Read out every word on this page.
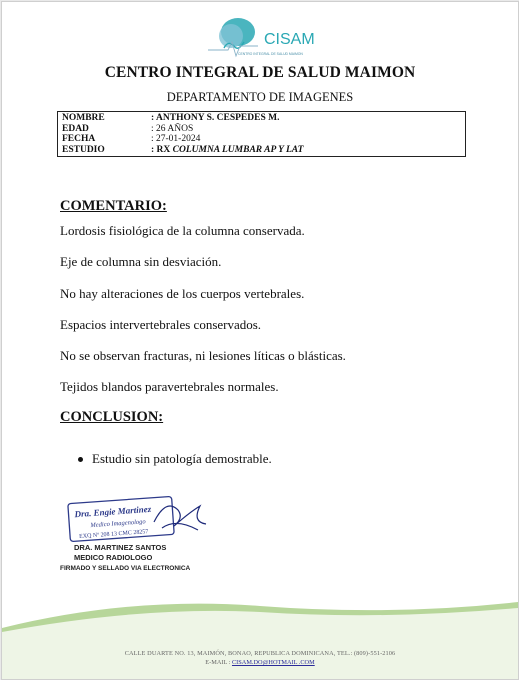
CISAM
CENTRO INTEGRAL DE SALUD MAIMON
CENTRO INTEGRAL DE SALUD MAIMON
DEPARTAMENTO DE IMAGENES
NOMBRE	: ANTHONY S. CESPEDES M.
EDAD	: 26 AÑOS
FECHA	: 27-01-2024
ESTUDIO	: RX COLUMNA LUMBAR AP Y LAT
COMENTARIO:
Lordosis fisiológica de la columna conservada.
Eje de columna sin desviación.
No hay alteraciones de los cuerpos vertebrales.
Espacios intervertebrales conservados.
No se observan fracturas, ni lesiones líticas o blásticas.
Tejidos blandos paravertebrales normales.
CONCLUSION:
Estudio sin patología demostrable.
Dra. Engie Martinez
Medico Imagenologo
EXQ Nº 208 13 CMC 28257
DRA. MARTINEZ SANTOS
MEDICO RADIOLOGO
FIRMADO Y SELLADO VIA ELECTRONICA
CALLE DUARTE NO. 13, MAIMÓN, BONAO, REPUBLICA DOMINICANA, TEL.: (809)-551-2106
E-MAIL : CISAM.DO@HOTMAIL .COM
